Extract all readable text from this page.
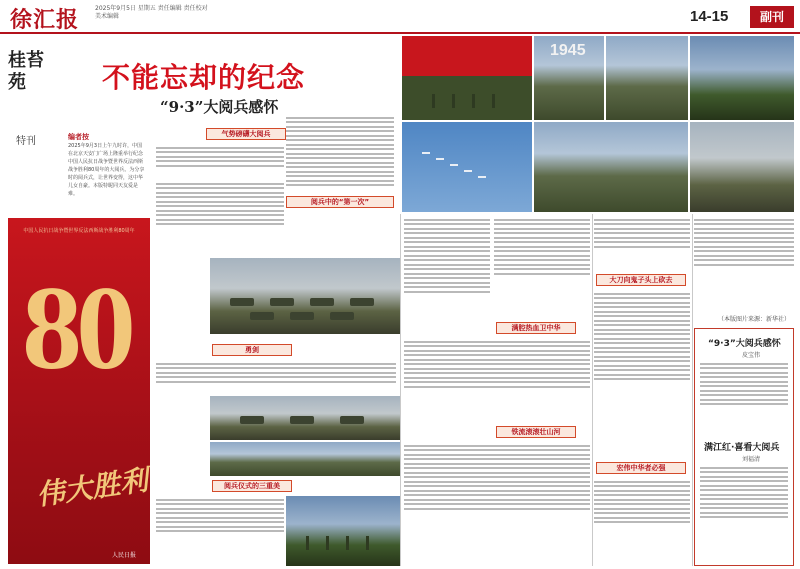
徐汇报	2025年9月5日 星期五 责任编辑 责任校对 美术编辑	14-15	副刊
桂苔苑
特刊	编者按
2025年9月3日上午九时许，中国在北京天安门广场上隆重举行纪念中国人民抗日战争暨世界反法西斯战争胜利80周年的大阅兵。为分享时的阅兵式，让世界变得，这中华儿女自豪。本版特昵同天友爱是难。
中国人民抗日战争暨世界反法西斯战争胜利80周年
80
伟大胜利
人民日报
不能忘却的纪念
“9·3”大阅兵感怀
1945
气势磅礴大阅兵
阅兵中的“第一次”
勇剑
阅兵仪式的三重美
满腔热血卫中华
铁流滚滚壮山河
大刀向鬼子头上砍去
宏伟中华者必强
（本版图片来源：新华社）
“9·3”大阅兵感怀
皮宝伟
满江红·喜看大阅兵
刘福清
